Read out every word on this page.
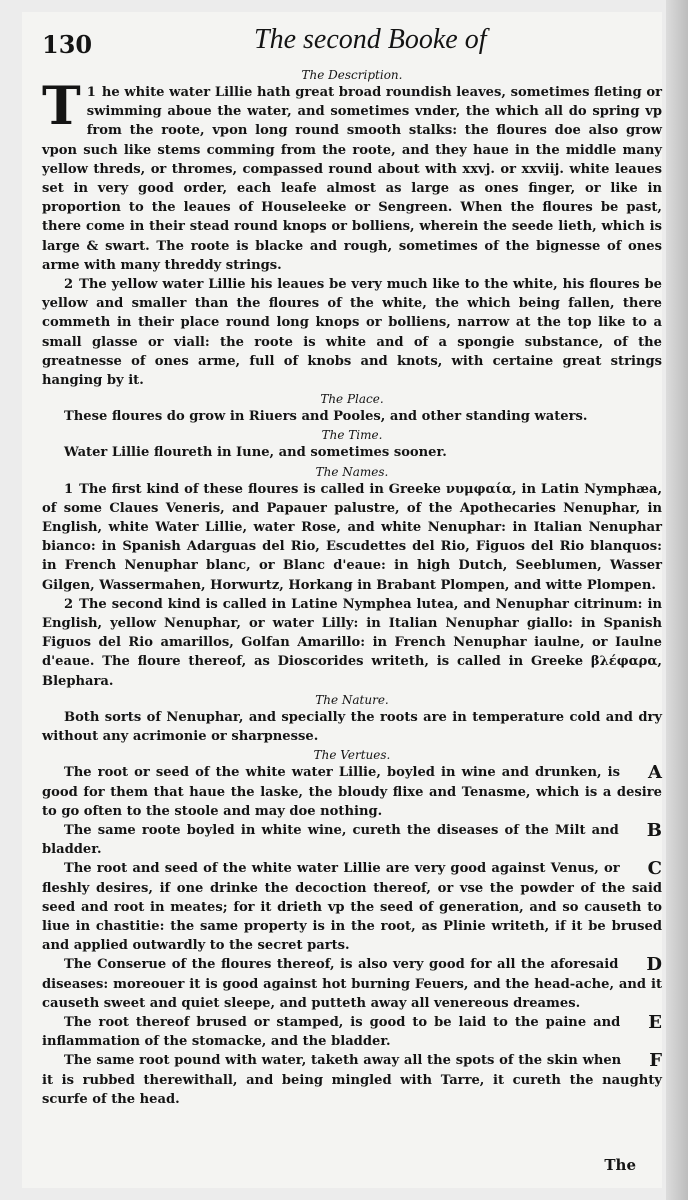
130	The second Booke of
The Description.

1
T he white water Lillie hath great broad roundish leaves, sometimes fleting or swimming aboue the water, and sometimes vnder, the which all do spring vp from the roote, vpon long round smooth stalks: the floures doe also grow vpon such like stems comming from the roote, and they haue in the middle many yellow threds, or thromes, compassed round about with xxvj. or xxviij. white leaues set in very good order, each leafe almost as large as ones finger, or like in proportion to the leaues of Houseleeke or Sengreen. When the floures be past, there come in their stead round knops or bolliens, wherein the seede lieth, which is large & swart. The roote is blacke and rough, sometimes of the bignesse of ones arme with many threddy strings.

2 The yellow water Lillie his leaues be very much like to the white, his floures be yellow and smaller than the floures of the white, the which being fallen, there commeth in their place round long knops or bolliens, narrow at the top like to a small glasse or viall: the roote is white and of a spongie substance, of the greatnesse of ones arme, full of knobs and knots, with certaine great strings hanging by it.

The Place.

These floures do grow in Riuers and Pooles, and other standing waters.

The Time.

Water Lillie floureth in Iune, and sometimes sooner.

The Names.

1 The first kind of these floures is called in Greeke νυμφαία, in Latin Nymphæa, of some Claues Veneris, and Papauer palustre, of the Apothecaries Nenuphar, in English, white Water Lillie, water Rose, and white Nenuphar: in Italian Nenuphar bianco: in Spanish Adarguas del Rio, Escudettes del Rio, Figuos del Rio blanquos: in French Nenuphar blanc, or Blanc d'eaue: in high Dutch, Seeblumen, Wasser Gilgen, Wassermahen, Horwurtz, Horkang in Brabant Plompen, and witte Plompen.

2 The second kind is called in Latine Nymphea lutea, and Nenuphar citrinum: in English, yellow Nenuphar, or water Lilly: in Italian Nenuphar giallo: in Spanish Figuos del Rio amarillos, Golfan Amarillo: in French Nenuphar iaulne, or Iaulne d'eaue. The floure thereof, as Dioscorides writeth, is called in Greeke βλέφαρα, Blephara.

The Nature.

Both sorts of Nenuphar, and specially the roots are in temperature cold and dry without any acrimonie or sharpnesse.

The Vertues.

A
The root or seed of the white water Lillie, boyled in wine and drunken, is good for them that haue the laske, the bloudy flixe and Tenasme, which is a desire to go often to the stoole and may doe nothing.

B
The same roote boyled in white wine, cureth the diseases of the Milt and bladder.

C
The root and seed of the white water Lillie are very good against Venus, or fleshly desires, if one drinke the decoction thereof, or vse the powder of the said seed and root in meates; for it drieth vp the seed of generation, and so causeth to liue in chastitie: the same property is in the root, as Plinie writeth, if it be brused and applied outwardly to the secret parts.

D
The Conserue of the floures thereof, is also very good for all the aforesaid diseases: moreouer it is good against hot burning Feuers, and the head-ache, and it causeth sweet and quiet sleepe, and putteth away all venereous dreames.

E
The root thereof brused or stamped, is good to be laid to the paine and inflammation of the stomacke, and the bladder.

F
The same root pound with water, taketh away all the spots of the skin when it is rubbed therewithall, and being mingled with Tarre, it cureth the naughty scurfe of the head.

The
